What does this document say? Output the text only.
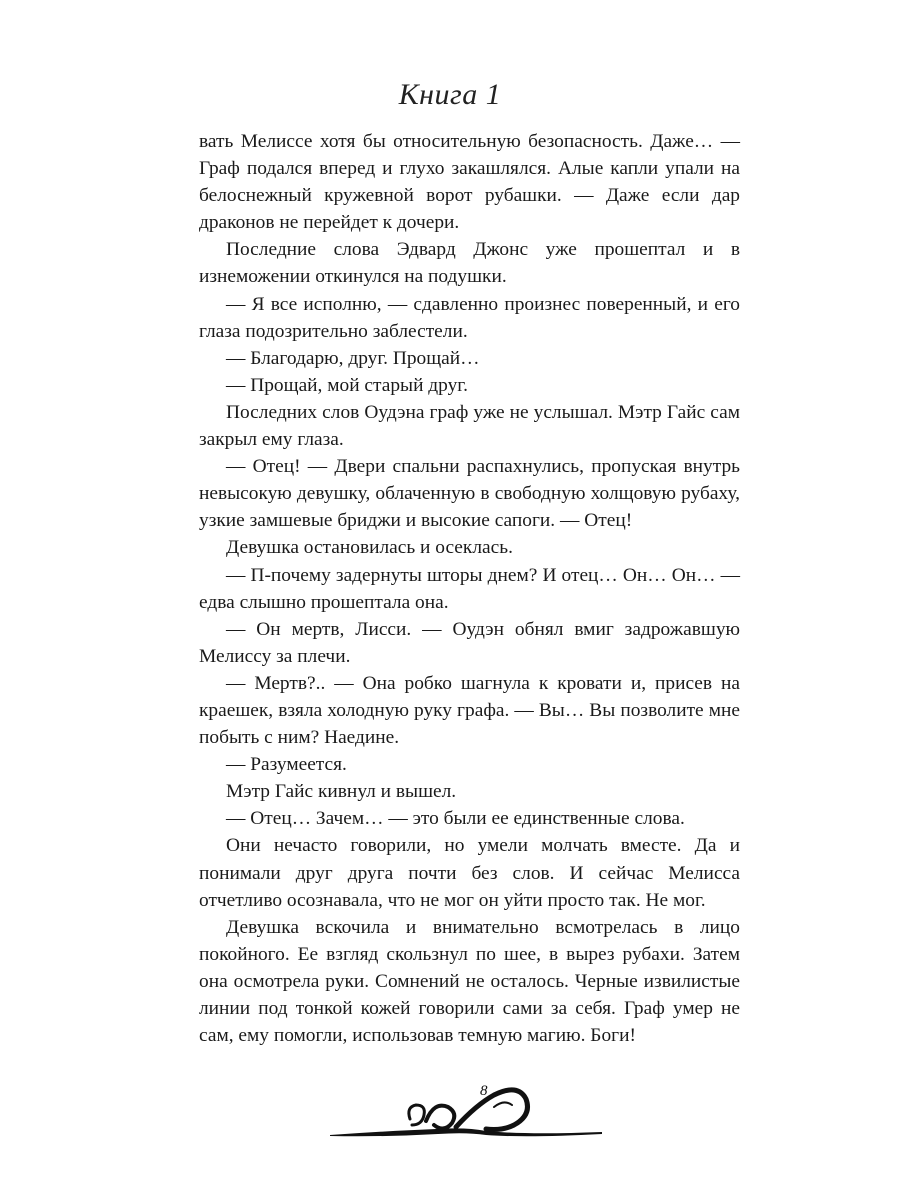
Книга 1

вать Мелиссе хотя бы относительную безопасность. Даже… — Граф подался вперед и глухо закашлялся. Алые капли упали на белоснежный кружевной ворот рубашки. — Даже если дар драконов не перейдет к дочери.

Последние слова Эдвард Джонс уже прошептал и в изнеможении откинулся на подушки.

— Я все исполню, — сдавленно произнес поверенный, и его глаза подозрительно заблестели.

— Благодарю, друг. Прощай…

— Прощай, мой старый друг.

Последних слов Оудэна граф уже не услышал. Мэтр Гайс сам закрыл ему глаза.

— Отец! — Двери спальни распахнулись, пропуская внутрь невысокую девушку, облаченную в свободную холщовую рубаху, узкие замшевые бриджи и высокие сапоги. — Отец!

Девушка остановилась и осеклась.

— П-почему задернуты шторы днем? И отец… Он… Он… — едва слышно прошептала она.

— Он мертв, Лисси. — Оудэн обнял вмиг задрожавшую Мелиссу за плечи.

— Мертв?.. — Она робко шагнула к кровати и, присев на краешек, взяла холодную руку графа. — Вы… Вы позволите мне побыть с ним? Наедине.

— Разумеется.

Мэтр Гайс кивнул и вышел.

— Отец… Зачем… — это были ее единственные слова.

Они нечасто говорили, но умели молчать вместе. Да и понимали друг друга почти без слов. И сейчас Мелисса отчетливо осознавала, что не мог он уйти просто так. Не мог.

Девушка вскочила и внимательно всмотрелась в лицо покойного. Ее взгляд скользнул по шее, в вырез рубахи. Затем она осмотрела руки. Сомнений не осталось. Черные извилистые линии под тонкой кожей говорили сами за себя. Граф умер не сам, ему помогли, использовав темную магию. Боги!

8
